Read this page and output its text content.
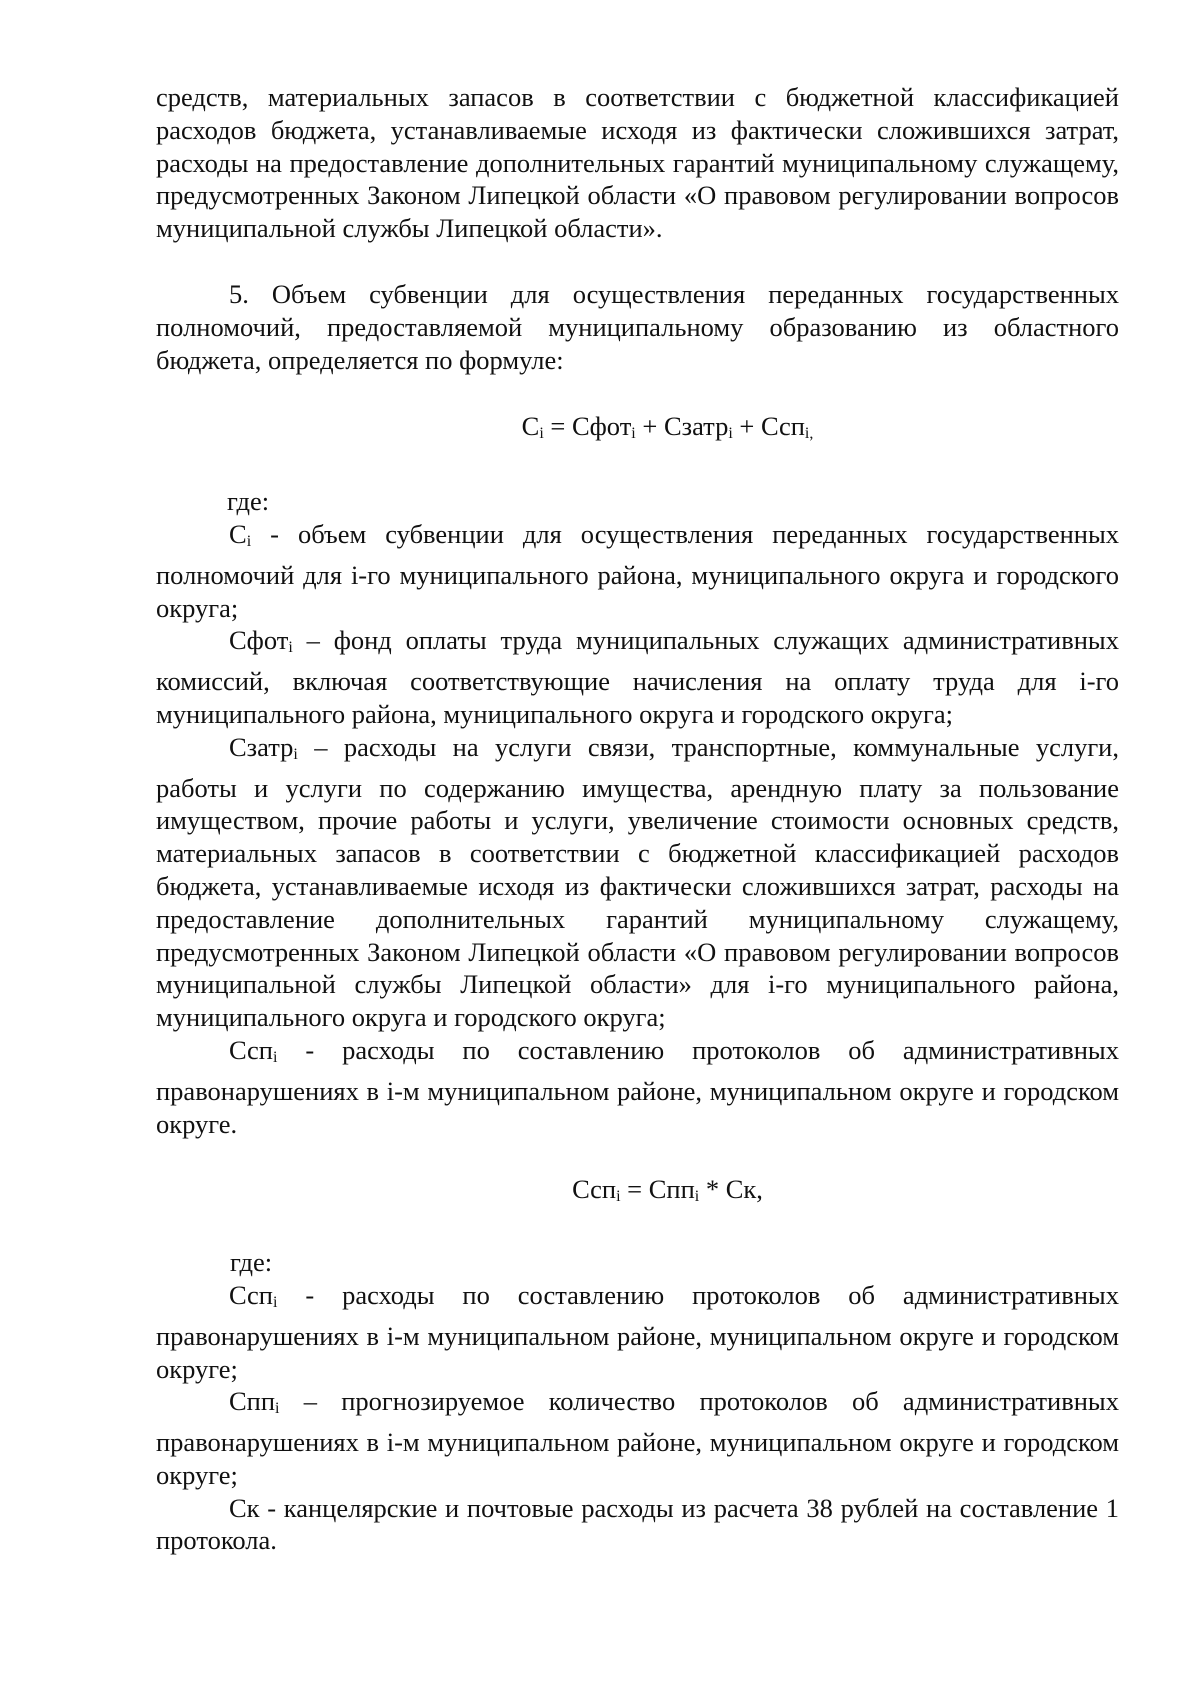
средств, материальных запасов в соответствии с бюджетной классификацией расходов бюджета, устанавливаемые исходя из фактически сложившихся затрат, расходы на предоставление дополнительных гарантий муниципальному служащему, предусмотренных Законом Липецкой области «О правовом регулировании вопросов муниципальной службы Липецкой области».

5. Объем субвенции для осуществления переданных государственных полномочий, предоставляемой муниципальному образованию из областного бюджета, определяется по формуле:

Ci = Сфотi + Сзатрi + Сспi,

где:

Ci - объем субвенции для осуществления переданных государственных полномочий для i-го муниципального района, муниципального округа и городского округа;

Сфотi – фонд оплаты труда муниципальных служащих административных комиссий, включая соответствующие начисления на оплату труда для i-го муниципального района, муниципального округа и городского округа;

Сзатрi – расходы на услуги связи, транспортные, коммунальные услуги, работы и услуги по содержанию имущества, арендную плату за пользование имуществом, прочие работы и услуги, увеличение стоимости основных средств, материальных запасов в соответствии с бюджетной классификацией расходов бюджета, устанавливаемые исходя из фактически сложившихся затрат, расходы на предоставление дополнительных гарантий муниципальному служащему, предусмотренных Законом Липецкой области «О правовом регулировании вопросов муниципальной службы Липецкой области» для i-го муниципального района, муниципального округа и городского округа;

Сспi - расходы по составлению протоколов об административных правонарушениях в i-м муниципальном районе, муниципальном округе и городском округе.

Сспi = Сппi * Ск,

где:

Сспi - расходы по составлению протоколов об административных правонарушениях в i-м муниципальном районе, муниципальном округе и городском округе;

Сппi – прогнозируемое количество протоколов об административных правонарушениях в i-м муниципальном районе, муниципальном округе и городском округе;

Ск - канцелярские и почтовые расходы из расчета 38 рублей на составление 1 протокола.
